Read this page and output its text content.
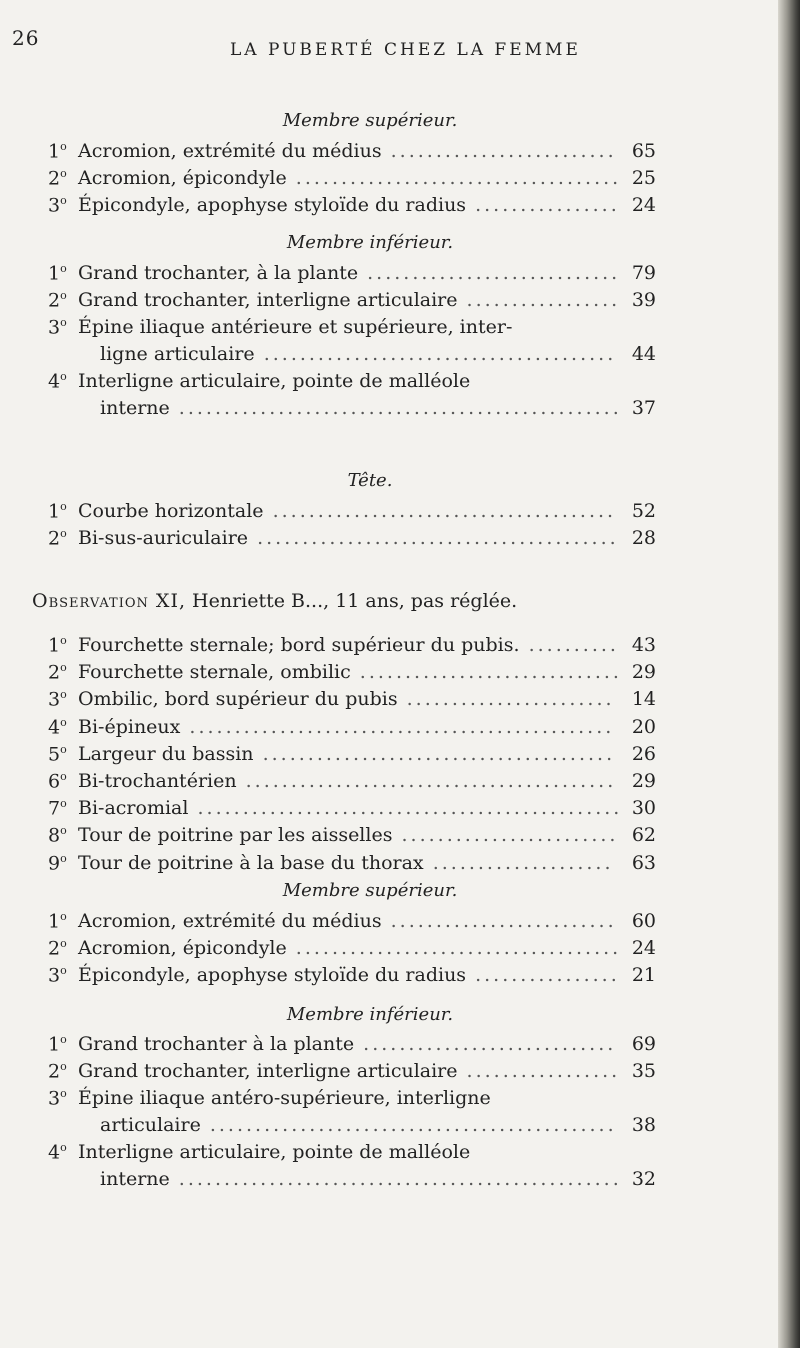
26	LA PUBERTÉ CHEZ LA FEMME
Membre supérieur.
1$^o$ Acromion, extrémité du médius ......................... 65
2$^o$ Acromion, épicondyle .................................... 25
3$^o$ Épicondyle, apophyse styloïde du radius ................ 24
Membre inférieur.
1$^o$ Grand trochanter, à la plante ............................ 79
2$^o$ Grand trochanter, interligne articulaire ................. 39
3$^o$ Épine iliaque antérieure et supérieure, inter-
ligne articulaire ....................................... 44
4$^o$ Interligne articulaire, pointe de malléole
interne ................................................. 37
Tête.
1$^o$ Courbe horizontale ...................................... 52
2$^o$ Bi-sus-auriculaire ........................................ 28
Observation XI, Henriette B..., 11 ans, pas réglée.
1$^o$ Fourchette sternale; bord supérieur du pubis. .......... 43
2$^o$ Fourchette sternale, ombilic ............................. 29
3$^o$ Ombilic, bord supérieur du pubis ....................... 14
4$^o$ Bi-épineux ............................................... 20
5$^o$ Largeur du bassin ....................................... 26
6$^o$ Bi-trochantérien ......................................... 29
7$^o$ Bi-acromial ............................................... 30
8$^o$ Tour de poitrine par les aisselles ........................ 62
9$^o$ Tour de poitrine à la base du thorax .................... 63
Membre supérieur.
1$^o$ Acromion, extrémité du médius ......................... 60
2$^o$ Acromion, épicondyle .................................... 24
3$^o$ Épicondyle, apophyse styloïde du radius ................ 21
Membre inférieur.
1$^o$ Grand trochanter à la plante ............................ 69
2$^o$ Grand trochanter, interligne articulaire ................. 35
3$^o$ Épine iliaque antéro-supérieure, interligne
articulaire ............................................. 38
4$^o$ Interligne articulaire, pointe de malléole
interne ................................................. 32
